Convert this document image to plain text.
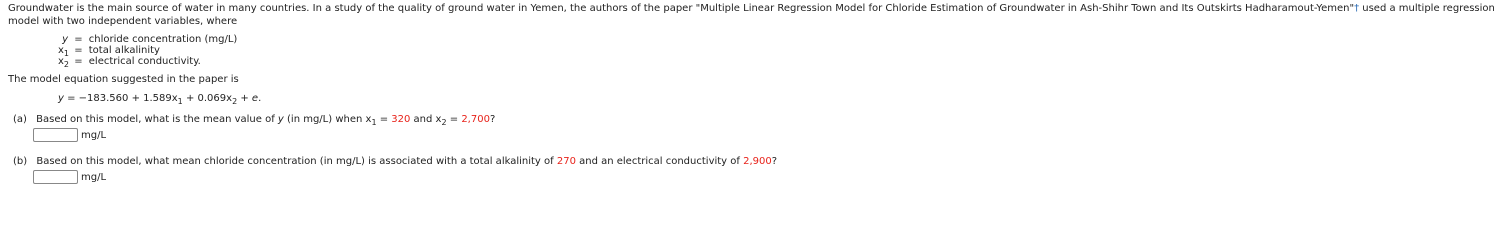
Groundwater is the main source of water in many countries. In a study of the quality of ground water in Yemen, the authors of the paper "Multiple Linear Regression Model for Chloride Estimation of Groundwater in Ash-Shihr Town and Its Outskirts Hadharamout-Yemen"† used a multiple regression
model with two independent variables, where
y = chloride concentration (mg/L)
$x_1$ = total alkalinity
$x_2$ = electrical conductivity.
The model equation suggested in the paper is
$y = -183.560 + 1.589x_1 + 0.069x_2 + e$.
(a) Based on this model, what is the mean value of y (in mg/L) when $x_1 = 320$ and $x_2 = 2,700$?
mg/L
(b) Based on this model, what mean chloride concentration (in mg/L) is associated with a total alkalinity of 270 and an electrical conductivity of 2,900?
mg/L
